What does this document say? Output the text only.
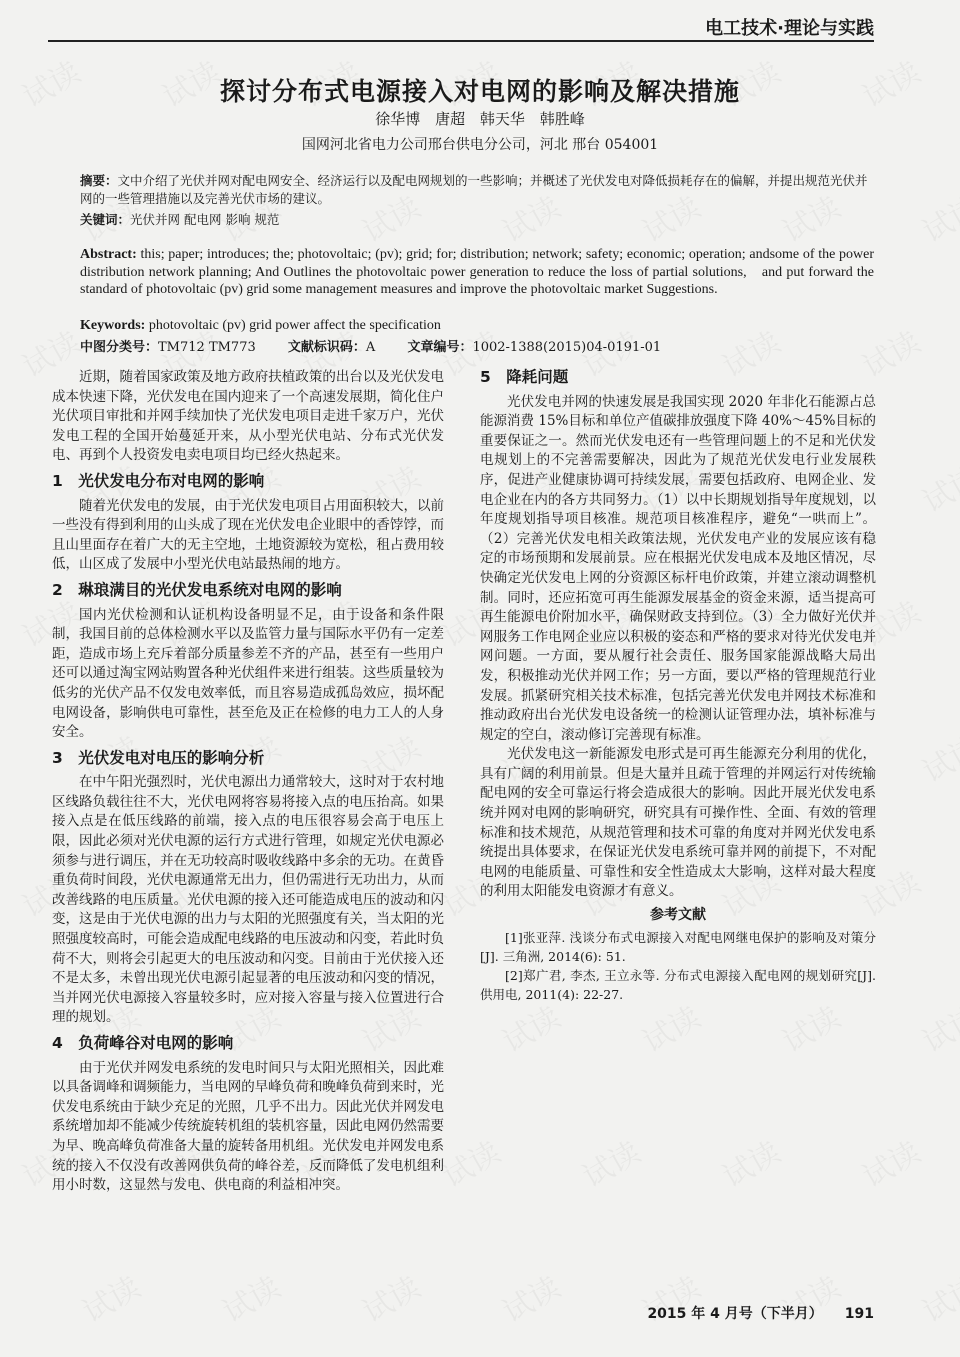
电工技术·理论与实践
探讨分布式电源接入对电网的影响及解决措施
徐华博 唐超 韩天华 韩胜峰
国网河北省电力公司邢台供电分公司，河北 邢台 054001
摘要：文中介绍了光伏并网对配电网安全、经济运行以及配电网规划的一些影响；并概述了光伏发电对降低损耗存在的偏解，并提出规范光伏并网的一些管理措施以及完善光伏市场的建议。
关键词：光伏并网 配电网 影响 规范
Abstract: this; paper; introduces; the; photovoltaic; (pv); grid; for; distribution; network; safety; economic; operation; andsome of the power distribution network planning; And Outlines the photovoltaic power generation to reduce the loss of partial solutions,　and put forward the standard of photovoltaic (pv) grid some management measures and improve the photovoltaic market Suggestions.
Keywords: photovoltaic (pv) grid power affect the specification
中图分类号：TM712 TM773 文献标识码：A 文章编号：1002-1388(2015)04-0191-01

近期，随着国家政策及地方政府扶植政策的出台以及光伏发电成本快速下降，光伏发电在国内迎来了一个高速发展期，简化住户光伏项目审批和并网手续加快了光伏发电项目走进千家万户，光伏发电工程的全国开始蔓延开来，从小型光伏电站、分布式光伏发电、再到个人投资发电卖电项目均已经火热起来。

1　光伏发电分布对电网的影响

随着光伏发电的发展，由于光伏发电项目占用面积较大，以前一些没有得到利用的山头成了现在光伏发电企业眼中的香饽饽，而且山里面存在着广大的无主空地，土地资源较为宽松，租占费用较低，山区成了发展中小型光伏电站最热闹的地方。

2　琳琅满目的光伏发电系统对电网的影响

国内光伏检测和认证机构设备明显不足，由于设备和条件限制，我国目前的总体检测水平以及监管力量与国际水平仍有一定差距，造成市场上充斥着部分质量参差不齐的产品，甚至有一些用户还可以通过淘宝网站购置各种光伏组件来进行组装。这些质量较为低劣的光伏产品不仅发电效率低，而且容易造成孤岛效应，损坏配电网设备，影响供电可靠性，甚至危及正在检修的电力工人的人身安全。

3　光伏发电对电压的影响分析

在中午阳光强烈时，光伏电源出力通常较大，这时对于农村地区线路负载往往不大，光伏电网将容易将接入点的电压抬高。如果接入点是在低压线路的前端，接入点的电压很容易会高于电压上限，因此必须对光伏电源的运行方式进行管理，如规定光伏电源必须参与进行调压，并在无功较高时吸收线路中多余的无功。在黄昏重负荷时间段，光伏电源通常无出力，但仍需进行无功出力，从而改善线路的电压质量。光伏电源的接入还可能造成电压的波动和闪变，这是由于光伏电源的出力与太阳的光照强度有关，当太阳的光照强度较高时，可能会造成配电线路的电压波动和闪变，若此时负荷不大，则将会引起更大的电压波动和闪变。目前由于光伏接入还不是太多，未曾出现光伏电源引起显著的电压波动和闪变的情况，当并网光伏电源接入容量较多时，应对接入容量与接入位置进行合理的规划。

4　负荷峰谷对电网的影响

由于光伏并网发电系统的发电时间只与太阳光照相关，因此难以具备调峰和调频能力，当电网的早峰负荷和晚峰负荷到来时，光伏发电系统由于缺少充足的光照，几乎不出力。因此光伏并网发电系统增加却不能减少传统旋转机组的装机容量，因此电网仍然需要为早、晚高峰负荷准备大量的旋转备用机组。光伏发电并网发电系统的接入不仅没有改善网供负荷的峰谷差，反而降低了发电机组利用小时数，这显然与发电、供电商的利益相冲突。

5　降耗问题

光伏发电并网的快速发展是我国实现 2020 年非化石能源占总能源消费 15%目标和单位产值碳排放强度下降 40%～45%目标的重要保证之一。然而光伏发电还有一些管理问题上的不足和光伏发电规划上的不完善需要解决，因此为了规范光伏发电行业发展秩序，促进产业健康协调可持续发展，需要包括政府、电网企业、发电企业在内的各方共同努力。（1）以中长期规划指导年度规划，以年度规划指导项目核准。规范项目核准程序，避免“一哄而上”。（2）完善光伏发电相关政策法规，光伏发电产业的发展应该有稳定的市场预期和发展前景。应在根据光伏发电成本及地区情况，尽快确定光伏发电上网的分资源区标杆电价政策，并建立滚动调整机制。同时，还应拓宽可再生能源发展基金的资金来源，适当提高可再生能源电价附加水平，确保财政支持到位。（3）全力做好光伏并网服务工作电网企业应以积极的姿态和严格的要求对待光伏发电并网问题。一方面，要从履行社会责任、服务国家能源战略大局出发，积极推动光伏并网工作；另一方面，要以严格的管理规范行业发展。抓紧研究相关技术标准，包括完善光伏发电并网技术标准和推动政府出台光伏发电设备统一的检测认证管理办法，填补标准与规定的空白，滚动修订完善现有标准。

光伏发电这一新能源发电形式是可再生能源充分利用的优化，具有广阔的利用前景。但是大量并且疏于管理的并网运行对传统输配电网的安全可靠运行将会造成很大的影响。因此开展光伏发电系统并网对电网的影响研究，研究具有可操作性、全面、有效的管理标准和技术规范，从规范管理和技术可靠的角度对并网光伏发电系统提出具体要求，在保证光伏发电系统可靠并网的前提下，不对配电网的电能质量、可靠性和安全性造成太大影响，这样对最大程度的利用太阳能发电资源才有意义。

参考文献

[1]张亚萍. 浅谈分布式电源接入对配电网继电保护的影响及对策分[J]. 三角洲, 2014(6): 51.

[2]郑广君, 李杰, 王立永等. 分布式电源接入配电网的规划研究[J]. 供用电, 2011(4): 22-27.

2015 年 4 月号（下半月） 191
